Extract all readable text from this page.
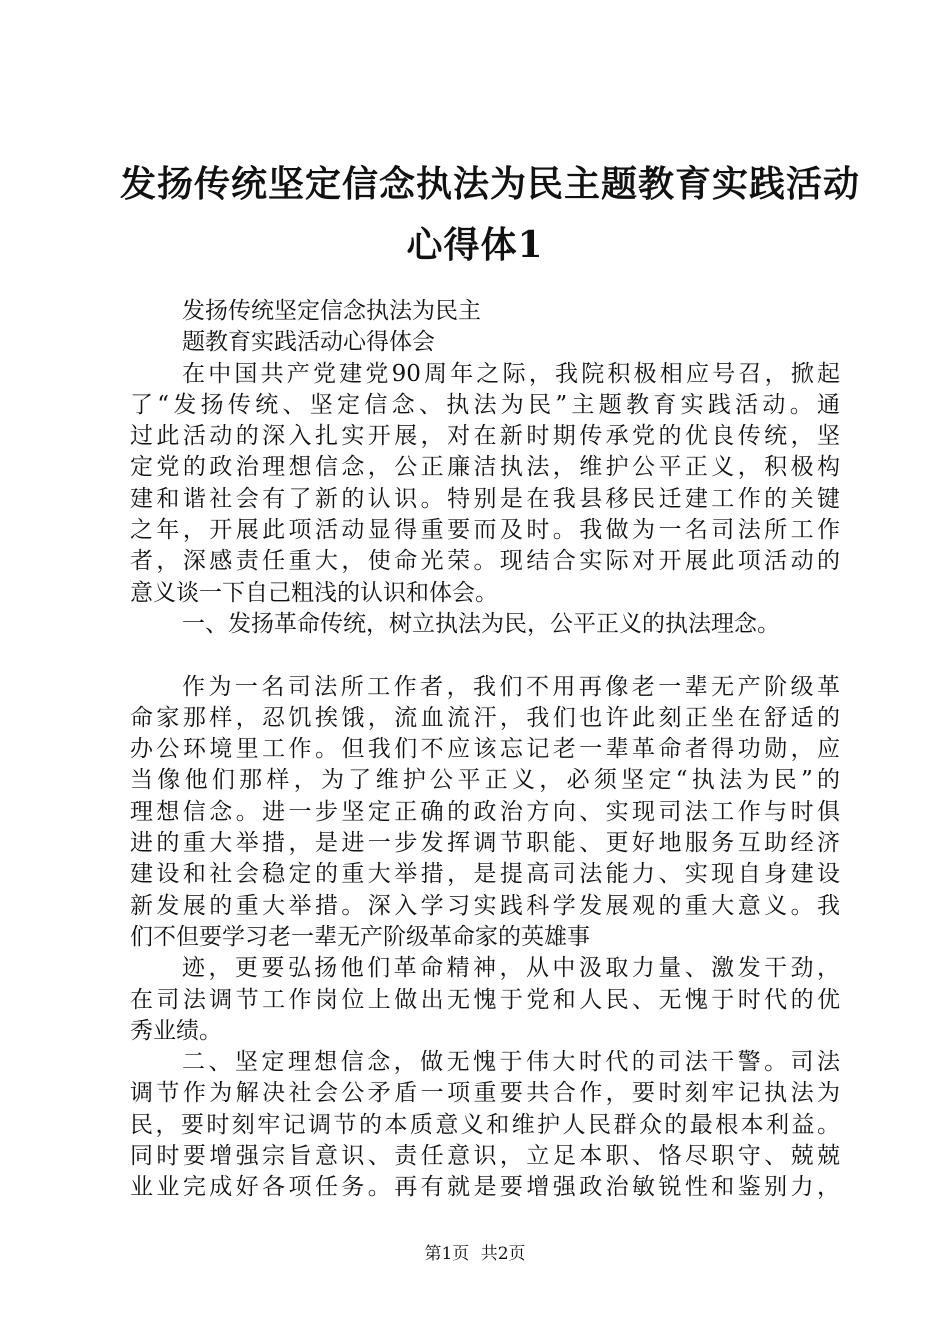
发扬传统坚定信念执法为民主题教育实践活动
心得体1
发扬传统坚定信念执法为民主
题教育实践活动心得体会
在中国共产党建党90周年之际，我院积极相应号召，掀起
了“发扬传统、坚定信念、执法为民”主题教育实践活动。通
过此活动的深入扎实开展，对在新时期传承党的优良传统，坚
定党的政治理想信念，公正廉洁执法，维护公平正义，积极构
建和谐社会有了新的认识。特别是在我县移民迁建工作的关键
之年，开展此项活动显得重要而及时。我做为一名司法所工作
者，深感责任重大，使命光荣。现结合实际对开展此项活动的
意义谈一下自己粗浅的认识和体会。
一、发扬革命传统，树立执法为民，公平正义的执法理念。
作为一名司法所工作者，我们不用再像老一辈无产阶级革
命家那样，忍饥挨饿，流血流汗，我们也许此刻正坐在舒适的
办公环境里工作。但我们不应该忘记老一辈革命者得功勋，应
当像他们那样，为了维护公平正义，必须坚定“执法为民”的
理想信念。进一步坚定正确的政治方向、实现司法工作与时俱
进的重大举措，是进一步发挥调节职能、更好地服务互助经济
建设和社会稳定的重大举措，是提高司法能力、实现自身建设
新发展的重大举措。深入学习实践科学发展观的重大意义。我
们不但要学习老一辈无产阶级革命家的英雄事
迹，更要弘扬他们革命精神，从中汲取力量、激发干劲，
在司法调节工作岗位上做出无愧于党和人民、无愧于时代的优
秀业绩。
二、坚定理想信念，做无愧于伟大时代的司法干警。司法
调节作为解决社会公矛盾一项重要共合作，要时刻牢记执法为
民，要时刻牢记调节的本质意义和维护人民群众的最根本利益。
同时要增强宗旨意识、责任意识，立足本职、恪尽职守、兢兢
业业完成好各项任务。再有就是要增强政治敏锐性和鉴别力，
第1页 共2页
